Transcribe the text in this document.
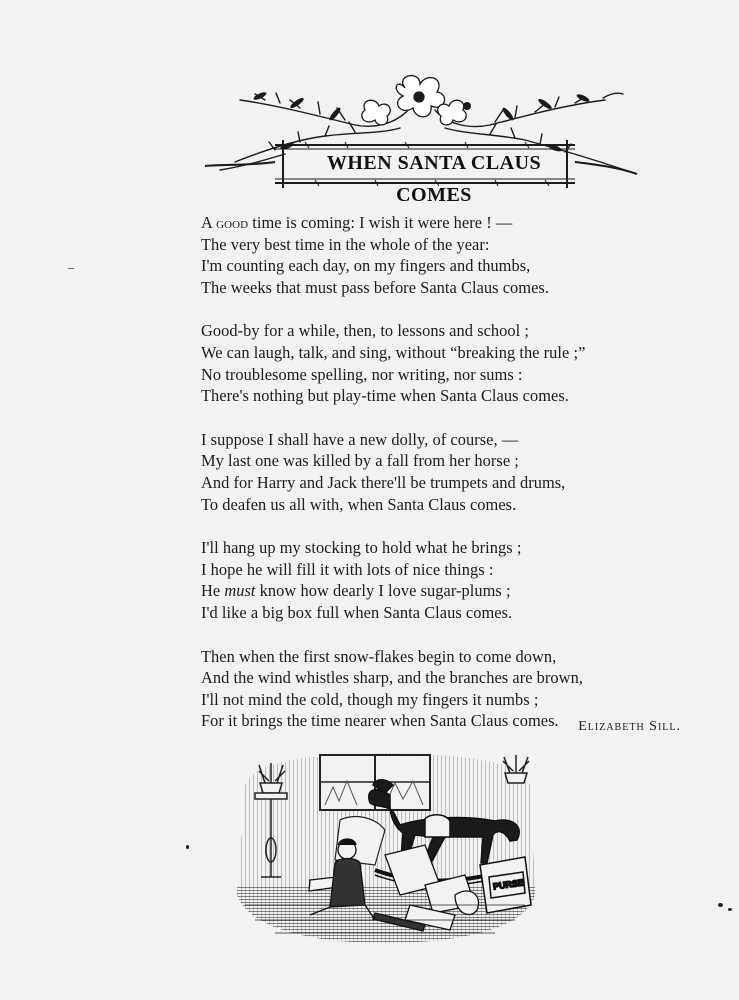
WHEN SANTA CLAUS COMES
A good time is coming: I wish it were here ! —
The very best time in the whole of the year:
I'm counting each day, on my fingers and thumbs,
The weeks that must pass before Santa Claus comes.
Good-by for a while, then, to lessons and school ;
We can laugh, talk, and sing, without “breaking the rule ;”
No troublesome spelling, nor writing, nor sums :
There's nothing but play-time when Santa Claus comes.
I suppose I shall have a new dolly, of course, —
My last one was killed by a fall from her horse ;
And for Harry and Jack there'll be trumpets and drums,
To deafen us all with, when Santa Claus comes.
I'll hang up my stocking to hold what he brings ;
I hope he will fill it with lots of nice things :
He must know how dearly I love sugar-plums ;
I'd like a big box full when Santa Claus comes.
Then when the first snow-flakes begin to come down,
And the wind whistles sharp, and the branches are brown,
I'll not mind the cold, though my fingers it numbs ;
For it brings the time nearer when Santa Claus comes.	Elizabeth Sill.
PURSE
